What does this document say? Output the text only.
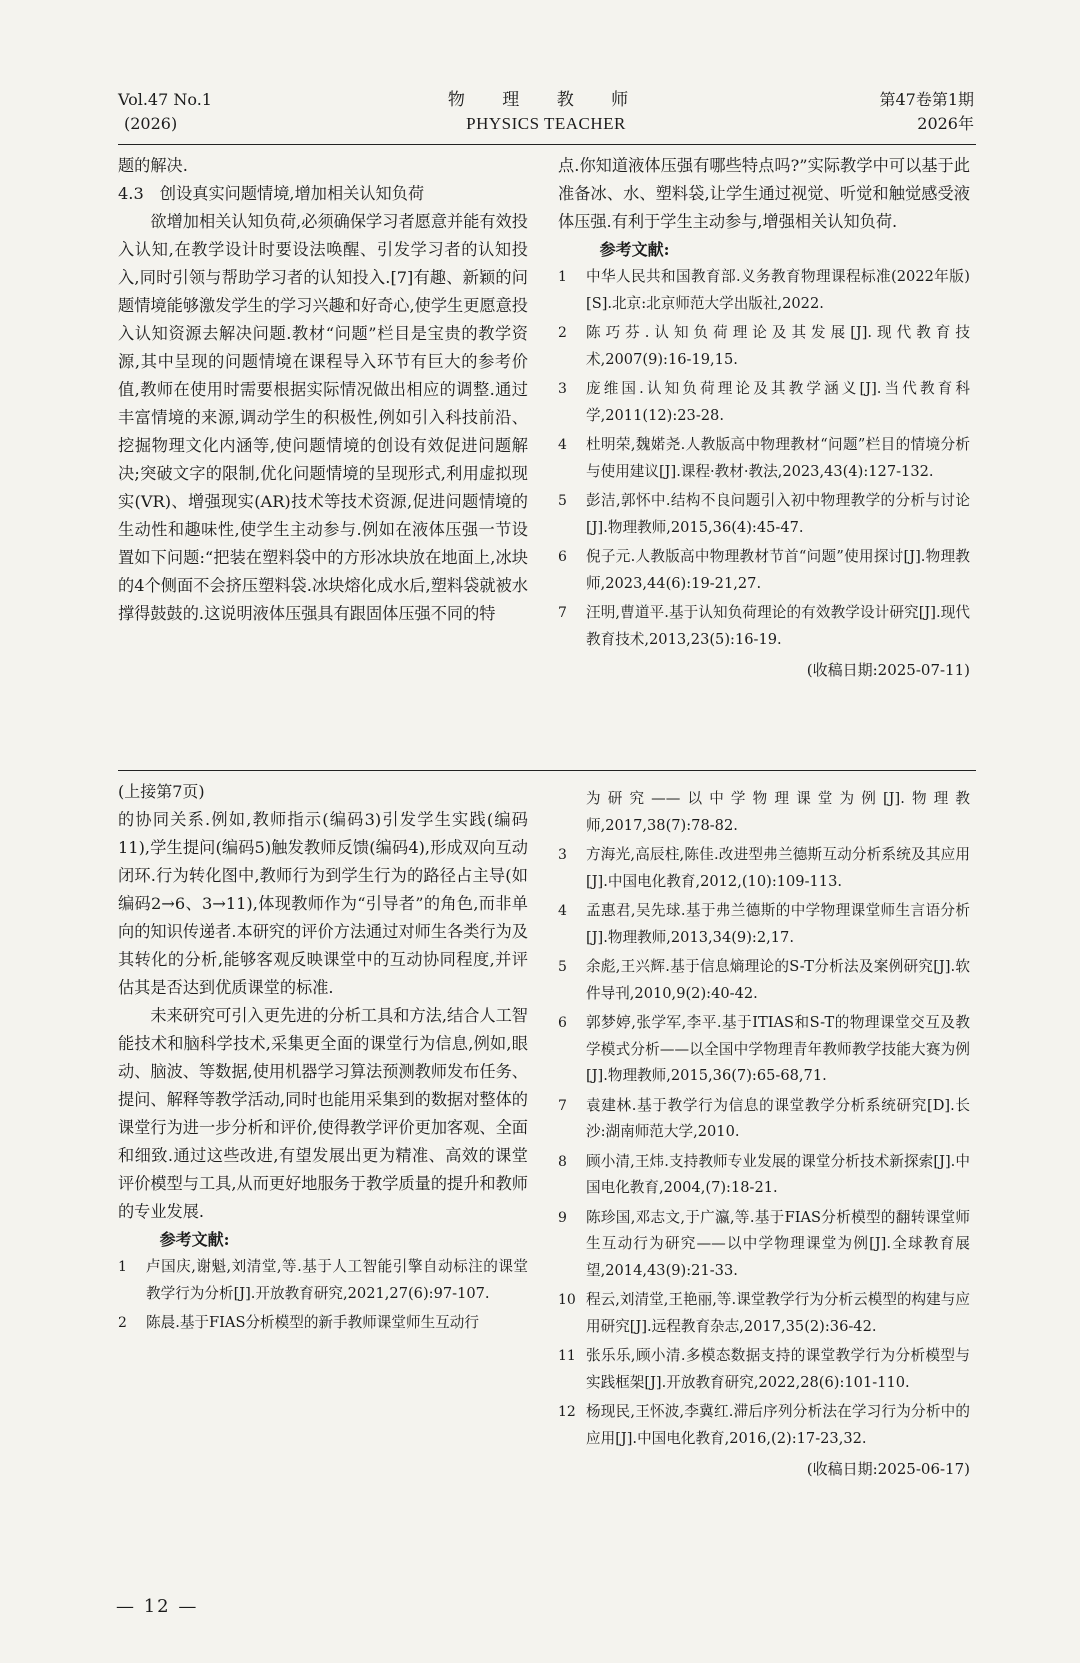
Vol.47 No.1
(2026)
物 理 教 师
PHYSICS TEACHER
第47卷第1期
2026年

题的解决.

4.3　创设真实问题情境,增加相关认知负荷

欲增加相关认知负荷,必须确保学习者愿意并能有效投入认知,在教学设计时要设法唤醒、引发学习者的认知投入,同时引领与帮助学习者的认知投入.[7]有趣、新颖的问题情境能够激发学生的学习兴趣和好奇心,使学生更愿意投入认知资源去解决问题.教材“问题”栏目是宝贵的教学资源,其中呈现的问题情境在课程导入环节有巨大的参考价值,教师在使用时需要根据实际情况做出相应的调整.通过丰富情境的来源,调动学生的积极性,例如引入科技前沿、挖掘物理文化内涵等,使问题情境的创设有效促进问题解决;突破文字的限制,优化问题情境的呈现形式,利用虚拟现实(VR)、增强现实(AR)技术等技术资源,促进问题情境的生动性和趣味性,使学生主动参与.例如在液体压强一节设置如下问题:“把装在塑料袋中的方形冰块放在地面上,冰块的4个侧面不会挤压塑料袋.冰块熔化成水后,塑料袋就被水撑得鼓鼓的.这说明液体压强具有跟固体压强不同的特

点.你知道液体压强有哪些特点吗?”实际教学中可以基于此准备冰、水、塑料袋,让学生通过视觉、听觉和触觉感受液体压强.有利于学生主动参与,增强相关认知负荷.

参考文献:

1	中华人民共和国教育部.义务教育物理课程标准(2022年版)[S].北京:北京师范大学出版社,2022.
2	陈巧芬.认知负荷理论及其发展[J].现代教育技术,2007(9):16-19,15.
3	庞维国.认知负荷理论及其教学涵义[J].当代教育科学,2011(12):23-28.
4	杜明荣,魏婼尧.人教版高中物理教材“问题”栏目的情境分析与使用建议[J].课程·教材·教法,2023,43(4):127-132.
5	彭洁,郭怀中.结构不良问题引入初中物理教学的分析与讨论[J].物理教师,2015,36(4):45-47.
6	倪子元.人教版高中物理教材节首“问题”使用探讨[J].物理教师,2023,44(6):19-21,27.
7	汪明,曹道平.基于认知负荷理论的有效教学设计研究[J].现代教育技术,2013,23(5):16-19.

(收稿日期:2025-07-11)

(上接第7页)

的协同关系.例如,教师指示(编码3)引发学生实践(编码11),学生提问(编码5)触发教师反馈(编码4),形成双向互动闭环.行为转化图中,教师行为到学生行为的路径占主导(如编码2→6、3→11),体现教师作为“引导者”的角色,而非单向的知识传递者.本研究的评价方法通过对师生各类行为及其转化的分析,能够客观反映课堂中的互动协同程度,并评估其是否达到优质课堂的标准.

未来研究可引入更先进的分析工具和方法,结合人工智能技术和脑科学技术,采集更全面的课堂行为信息,例如,眼动、脑波、等数据,使用机器学习算法预测教师发布任务、提问、解释等教学活动,同时也能用采集到的数据对整体的课堂行为进一步分析和评价,使得教学评价更加客观、全面和细致.通过这些改进,有望发展出更为精准、高效的课堂评价模型与工具,从而更好地服务于教学质量的提升和教师的专业发展.

参考文献:

1	卢国庆,谢魁,刘清堂,等.基于人工智能引擎自动标注的课堂教学行为分析[J].开放教育研究,2021,27(6):97-107.
2	陈晨.基于FIAS分析模型的新手教师课堂师生互动行
为研究——以中学物理课堂为例[J].物理教师,2017,38(7):78-82.
3	方海光,高辰柱,陈佳.改进型弗兰德斯互动分析系统及其应用[J].中国电化教育,2012,(10):109-113.
4	孟惠君,吴先球.基于弗兰德斯的中学物理课堂师生言语分析[J].物理教师,2013,34(9):2,17.
5	余彪,王兴辉.基于信息熵理论的S-T分析法及案例研究[J].软件导刊,2010,9(2):40-42.
6	郭梦婷,张学军,李平.基于ITIAS和S-T的物理课堂交互及教学模式分析——以全国中学物理青年教师教学技能大赛为例[J].物理教师,2015,36(7):65-68,71.
7	袁建林.基于教学行为信息的课堂教学分析系统研究[D].长沙:湖南师范大学,2010.
8	顾小清,王炜.支持教师专业发展的课堂分析技术新探索[J].中国电化教育,2004,(7):18-21.
9	陈珍国,邓志文,于广瀛,等.基于FIAS分析模型的翻转课堂师生互动行为研究——以中学物理课堂为例[J].全球教育展望,2014,43(9):21-33.
10 程云,刘清堂,王艳丽,等.课堂教学行为分析云模型的构建与应用研究[J].远程教育杂志,2017,35(2):36-42.
11 张乐乐,顾小清.多模态数据支持的课堂教学行为分析模型与实践框架[J].开放教育研究,2022,28(6):101-110.
12 杨现民,王怀波,李冀红.滞后序列分析法在学习行为分析中的应用[J].中国电化教育,2016,(2):17-23,32.

(收稿日期:2025-06-17)

— 12 —
